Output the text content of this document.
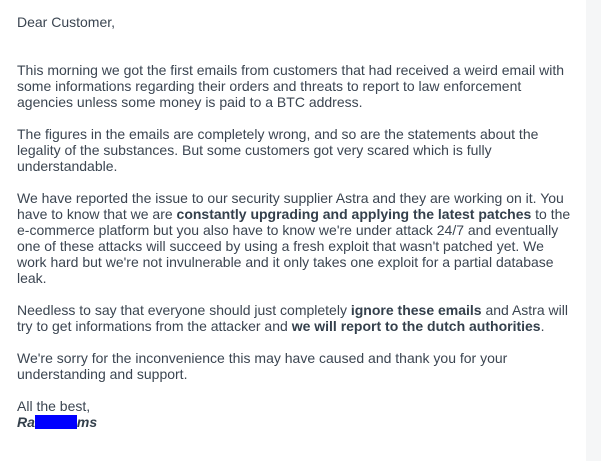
Dear Customer,

This morning we got the first emails from customers that had received a weird email with some informations regarding their orders and threats to report to law enforcement agencies unless some money is paid to a BTC address.

The figures in the emails are completely wrong, and so are the statements about the legality of the substances. But some customers got very scared which is fully understandable.

We have reported the issue to our security supplier Astra and they are working on it. You have to know that we are constantly upgrading and applying the latest patches to the e-commerce platform but you also have to know we're under attack 24/7 and eventually one of these attacks will succeed by using a fresh exploit that wasn't patched yet. We work hard but we're not invulnerable and it only takes one exploit for a partial database leak.

Needless to say that everyone should just completely ignore these emails and Astra will try to get informations from the attacker and we will report to the dutch authorities.

We're sorry for the inconvenience this may have caused and thank you for your understanding and support.

All the best,

Ra	ms
